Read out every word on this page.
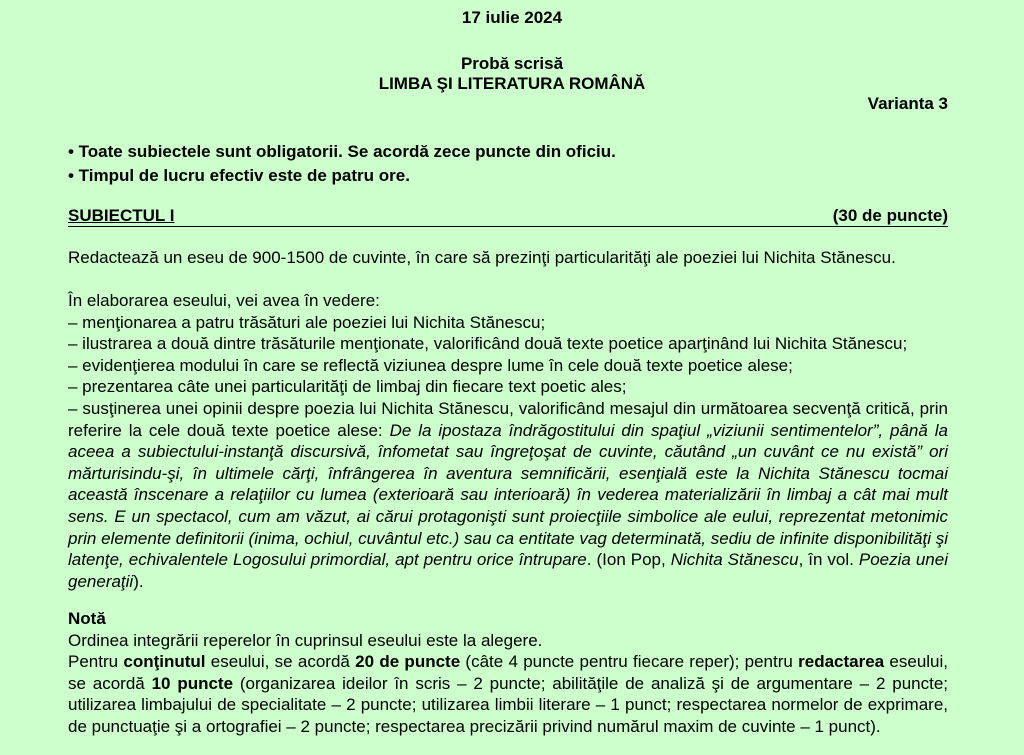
17 iulie 2024
Probă scrisă
LIMBA ŞI LITERATURA ROMÂNĂ
Varianta 3
• Toate subiectele sunt obligatorii. Se acordă zece puncte din oficiu.
• Timpul de lucru efectiv este de patru ore.
SUBIECTUL I	(30 de puncte)
Redactează un eseu de 900-1500 de cuvinte, în care să prezinţi particularităţi ale poeziei lui Nichita Stănescu.

În elaborarea eseului, vei avea în vedere:

– menţionarea a patru trăsături ale poeziei lui Nichita Stănescu;

– ilustrarea a două dintre trăsăturile menţionate, valorificând două texte poetice aparţinând lui Nichita Stănescu;

– evidenţierea modului în care se reflectă viziunea despre lume în cele două texte poetice alese;

– prezentarea câte unei particularităţi de limbaj din fiecare text poetic ales;

– susţinerea unei opinii despre poezia lui Nichita Stănescu, valorificând mesajul din următoarea secvenţă critică, prin referire la cele două texte poetice alese: De la ipostaza îndrăgostitului din spaţiul „viziunii sentimentelor”, până la aceea a subiectului-instanţă discursivă, înfometat sau îngreţoşat de cuvinte, căutând „un cuvânt ce nu există” ori mărturisindu-şi, în ultimele cărţi, înfrângerea în aventura semnificării, esenţială este la Nichita Stănescu tocmai această înscenare a relaţiilor cu lumea (exterioară sau interioară) în vederea materializării în limbaj a cât mai mult sens. E un spectacol, cum am văzut, ai cărui protagonişti sunt proiecţiile simbolice ale eului, reprezentat metonimic prin elemente definitorii (inima, ochiul, cuvântul etc.) sau ca entitate vag determinată, sediu de infinite disponibilităţi şi latenţe, echivalentele Logosului primordial, apt pentru orice întrupare. (Ion Pop, Nichita Stănescu, în vol. Poezia unei generaţii).

Notă

Ordinea integrării reperelor în cuprinsul eseului este la alegere.

Pentru conţinutul eseului, se acordă 20 de puncte (câte 4 puncte pentru fiecare reper); pentru redactarea eseului, se acordă 10 puncte (organizarea ideilor în scris – 2 puncte; abilităţile de analiză şi de argumentare – 2 puncte; utilizarea limbajului de specialitate – 2 puncte; utilizarea limbii literare – 1 punct; respectarea normelor de exprimare, de punctuaţie şi a ortografiei – 2 puncte; respectarea precizării privind numărul maxim de cuvinte – 1 punct).
